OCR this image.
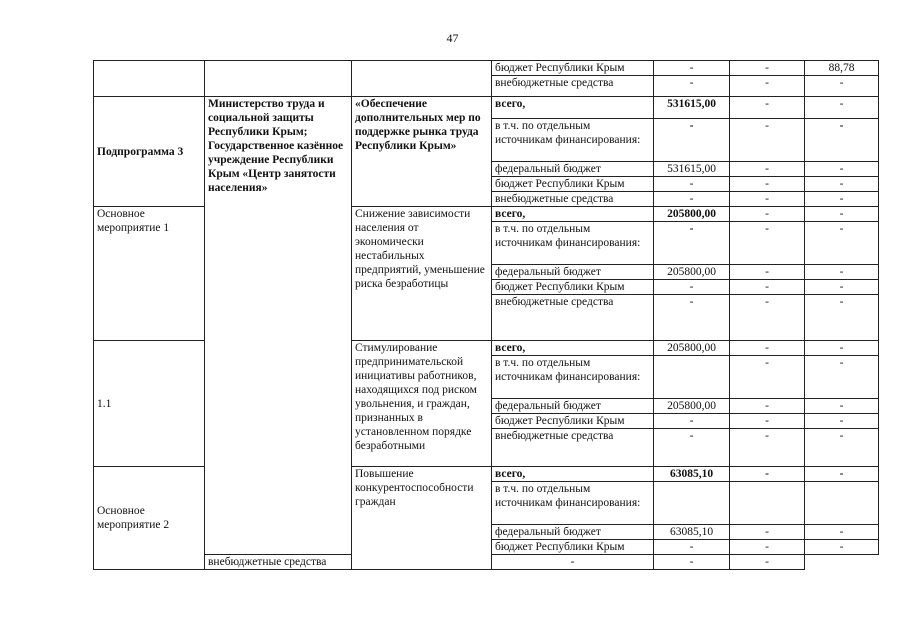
47
			бюджет Республики Крым	-	-	88,78
			внебюджетные средства	-	-	-
Подпрограмма 3	Министерство труда и социальной защиты Республики Крым; Государственное казённое учреждение Республики Крым «Центр занятости населения»	«Обеспечение дополнительных мер по поддержке рынка труда Республики Крым»	всего,	531615,00	-	-
			в т.ч. по отдельным источникам финансирования:	-	-	-
			федеральный бюджет	531615,00	-	-
			бюджет Республики Крым	-	-	-
			внебюджетные средства	-	-	-
Основное мероприятие 1		Снижение зависимости населения от экономически нестабильных предприятий, уменьшение риска безработицы	всего,	205800,00	-	-
			в т.ч. по отдельным источникам финансирования:	-	-	-
			федеральный бюджет	205800,00	-	-
			бюджет Республики Крым	-	-	-
			внебюджетные средства	-	-	-
1.1		Стимулирование предпринимательской инициативы работников, находящихся под риском увольнения, и граждан, признанных в установленном порядке безработными	всего,	205800,00	-	-
			в т.ч. по отдельным источникам финансирования:		-	-
			федеральный бюджет	205800,00	-	-
			бюджет Республики Крым	-	-	-
			внебюджетные средства	-	-	-
Основное мероприятие 2		Повышение конкурентоспособности граждан	всего,	63085,10	-	-
			в т.ч. по отдельным источникам финансирования:			
			федеральный бюджет	63085,10	-	-
			бюджет Республики Крым	-	-	-
	внебюджетные средства		-	-	-	
